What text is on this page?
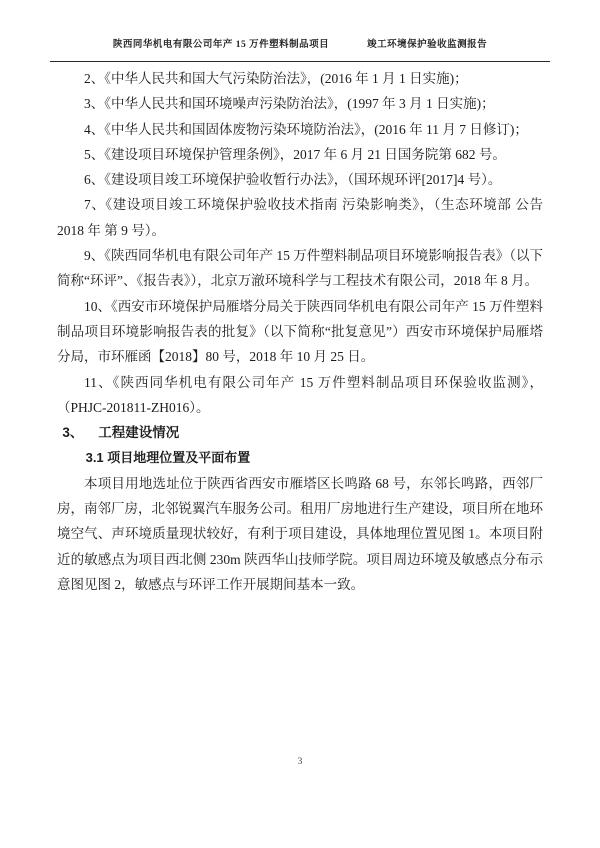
陕西同华机电有限公司年产 15 万件塑料制品项目	竣工环境保护验收监测报告

2、《中华人民共和国大气污染防治法》，(2016 年 1 月 1 日实施)；

3、《中华人民共和国环境噪声污染防治法》，(1997 年 3 月 1 日实施)；

4、《中华人民共和国固体废物污染环境防治法》，(2016 年 11 月 7 日修订)；

5、《建设项目环境保护管理条例》，2017 年 6 月 21 日国务院第 682 号。

6、《建设项目竣工环境保护验收暂行办法》，（国环规环评[2017]4 号）。

7、《建设项目竣工环境保护验收技术指南 污染影响类》，（生态环境部 公告 2018 年 第 9 号）。

9、《陕西同华机电有限公司年产 15 万件塑料制品项目环境影响报告表》（以下简称“环评”、《报告表》），北京万澈环境科学与工程技术有限公司，2018 年 8 月。

10、《西安市环境保护局雁塔分局关于陕西同华机电有限公司年产 15 万件塑料制品项目环境影响报告表的批复》（以下简称“批复意见”）西安市环境保护局雁塔分局，市环雁函【2018】80 号，2018 年 10 月 25 日。

11、《陕西同华机电有限公司年产 15 万件塑料制品项目环保验收监测》，（PHJC-201811-ZH016）。

3、 工程建设情况
3.1 项目地理位置及平面布置

本项目用地选址位于陕西省西安市雁塔区长鸣路 68 号，东邻长鸣路，西邻厂房，南邻厂房，北邻锐翼汽车服务公司。租用厂房地进行生产建设，项目所在地环境空气、声环境质量现状较好，有利于项目建设，具体地理位置见图 1。本项目附近的敏感点为项目西北侧 230m 陕西华山技师学院。项目周边环境及敏感点分布示意图见图 2，敏感点与环评工作开展期间基本一致。

3
